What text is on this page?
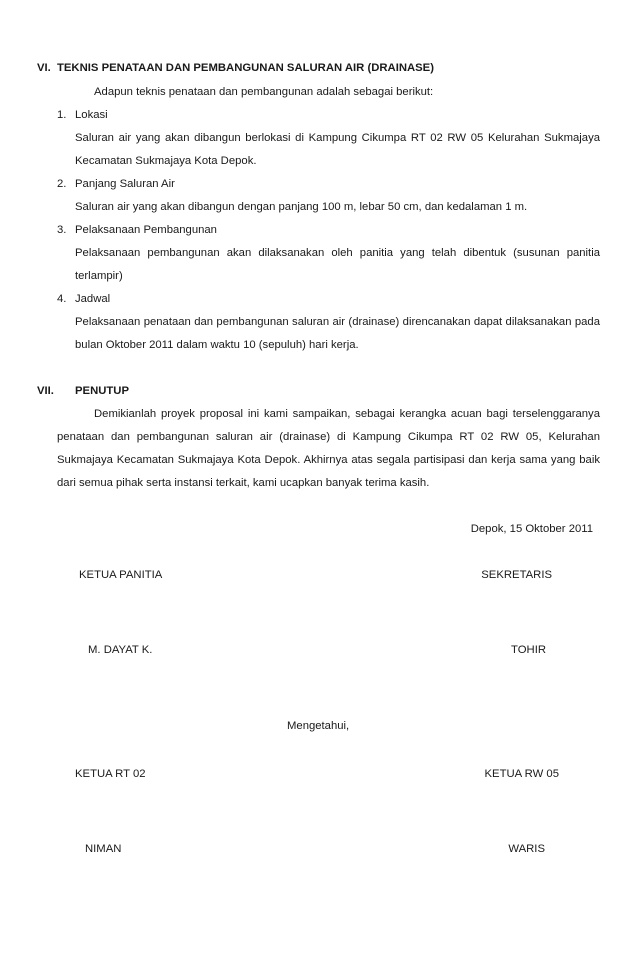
VI. TEKNIS PENATAAN DAN PEMBANGUNAN SALURAN AIR (DRAINASE)
Adapun teknis penataan dan pembangunan adalah sebagai berikut:
1. Lokasi
Saluran air yang akan dibangun berlokasi di Kampung Cikumpa RT 02 RW 05 Kelurahan Sukmajaya
Kecamatan Sukmajaya Kota Depok.
2. Panjang Saluran Air
Saluran air yang akan dibangun dengan panjang 100 m, lebar 50 cm, dan kedalaman 1 m.
3. Pelaksanaan Pembangunan
Pelaksanaan pembangunan akan dilaksanakan oleh panitia yang telah dibentuk (susunan panitia
terlampir)
4. Jadwal
Pelaksanaan penataan dan pembangunan saluran air (drainase) direncanakan dapat dilaksanakan pada
bulan Oktober 2011 dalam waktu 10 (sepuluh) hari kerja.
VII. PENUTUP
Demikianlah proyek proposal ini kami sampaikan, sebagai kerangka acuan bagi terselenggaranya
penataan dan pembangunan saluran air (drainase) di Kampung Cikumpa RT 02 RW 05, Kelurahan
Sukmajaya Kecamatan Sukmajaya Kota Depok. Akhirnya atas segala partisipasi dan kerja sama yang baik
dari semua pihak serta instansi terkait, kami ucapkan banyak terima kasih.
Depok, 15 Oktober 2011
KETUA PANITIA	SEKRETARIS
M. DAYAT K.	TOHIR
Mengetahui,
KETUA RT 02	KETUA RW 05
NIMAN	WARIS
